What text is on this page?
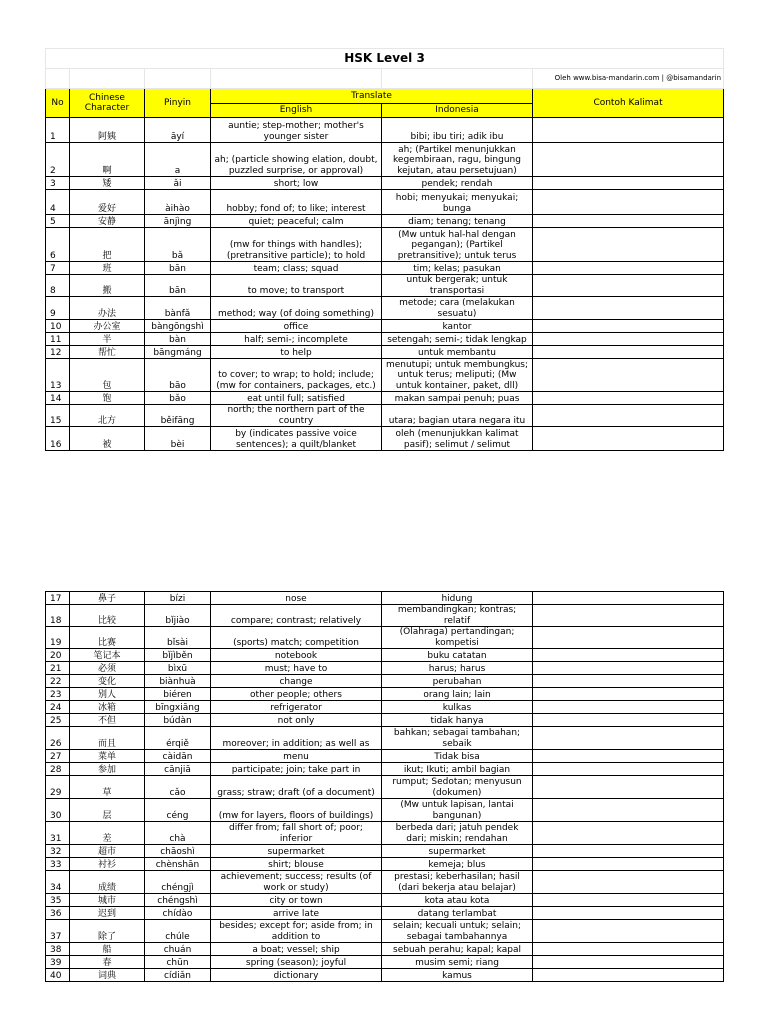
HSK Level 3					
					Oleh www.bisa-mandarin.com | @bisamandarin
No	Chinese Character	Pinyin	Translate		Contoh Kalimat
			English	Indonesia	
1	阿姨	āyí	auntie; step-mother; mother's younger sister	bibi; ibu tiri; adik ibu	
2	啊	a	ah; (particle showing elation, doubt, puzzled surprise, or approval)	ah; (Partikel menunjukkan kegembiraan, ragu, bingung kejutan, atau persetujuan)	
3	矮	ǎi	short; low	pendek; rendah	
4	爱好	àihào	hobby; fond of; to like; interest	hobi; menyukai; menyukai; bunga	
5	安静	ānjìng	quiet; peaceful; calm	diam; tenang; tenang	
6	把	bǎ	(mw for things with handles); (pretransitive particle); to hold	(Mw untuk hal-hal dengan pegangan); (Partikel pretransitive); untuk terus	
7	班	bān	team; class; squad	tim; kelas; pasukan	
8	搬	bān	to move; to transport	untuk bergerak; untuk transportasi	
9	办法	bànfǎ	method; way (of doing something)	metode; cara (melakukan sesuatu)	
10	办公室	bàngōngshì	office	kantor	
11	半	bàn	half; semi-; incomplete	setengah; semi-; tidak lengkap	
12	帮忙	bāngmáng	to help	untuk membantu	
13	包	bāo	to cover; to wrap; to hold; include; (mw for containers, packages, etc.)	menutupi; untuk membungkus; untuk terus; meliputi; (Mw untuk kontainer, paket, dll)	
14	饱	bǎo	eat until full; satisfied	makan sampai penuh; puas	
15	北方	běifāng	north; the northern part of the country	utara; bagian utara negara itu	
16	被	bèi	by (indicates passive voice sentences); a quilt/blanket	oleh (menunjukkan kalimat pasif); selimut / selimut	
17	鼻子	bízi	nose	hidung	
18	比较	bǐjiào	compare; contrast; relatively	membandingkan; kontras; relatif	
19	比赛	bǐsài	(sports) match; competition	(Olahraga) pertandingan; kompetisi	
20	笔记本	bǐjìběn	notebook	buku catatan	
21	必须	bìxū	must; have to	harus; harus	
22	变化	biànhuà	change	perubahan	
23	别人	biéren	other people; others	orang lain; lain	
24	冰箱	bīngxiāng	refrigerator	kulkas	
25	不但	búdàn	not only	tidak hanya	
26	而且	érqiě	moreover; in addition; as well as	bahkan; sebagai tambahan; sebaik	
27	菜单	càidān	menu	Tidak bisa	
28	参加	cānjiā	participate; join; take part in	ikut; Ikuti; ambil bagian	
29	草	cǎo	grass; straw; draft (of a document)	rumput; Sedotan; menyusun (dokumen)	
30	层	céng	(mw for layers, floors of buildings)	(Mw untuk lapisan, lantai bangunan)	
31	差	chà	differ from; fall short of; poor; inferior	berbeda dari; jatuh pendek dari; miskin; rendahan	
32	超市	chāoshì	supermarket	supermarket	
33	衬衫	chènshān	shirt; blouse	kemeja; blus	
34	成绩	chéngjì	achievement; success; results (of work or study)	prestasi; keberhasilan; hasil (dari bekerja atau belajar)	
35	城市	chéngshì	city or town	kota atau kota	
36	迟到	chídào	arrive late	datang terlambat	
37	除了	chúle	besides; except for; aside from; in addition to	selain; kecuali untuk; selain; sebagai tambahannya	
38	船	chuán	a boat; vessel; ship	sebuah perahu; kapal; kapal	
39	春	chūn	spring (season); joyful	musim semi; riang	
40	词典	cídiǎn	dictionary	kamus	
